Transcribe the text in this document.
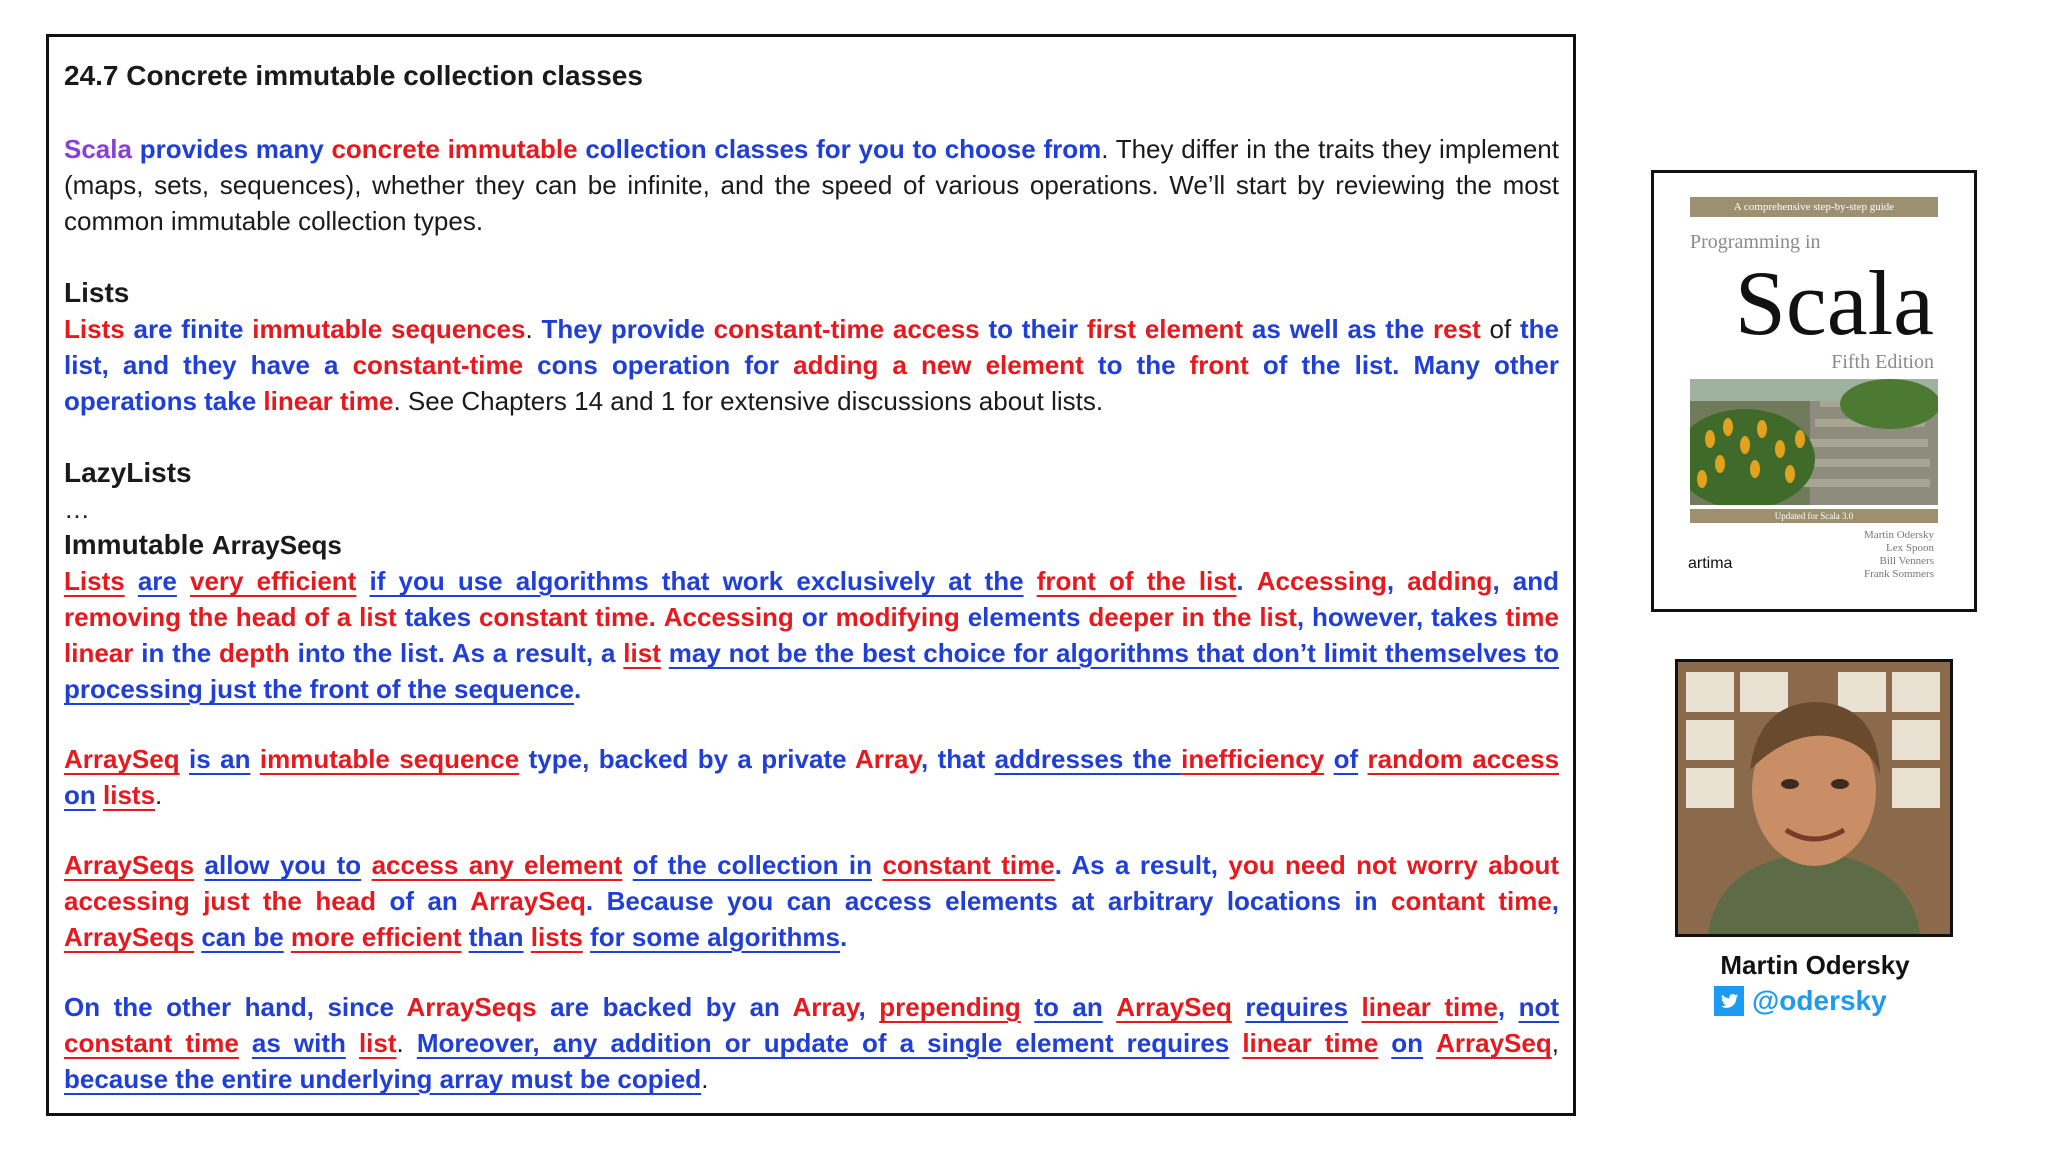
24.7 Concrete immutable collection classes

Scala provides many concrete immutable collection classes for you to choose from. They differ in the traits they implement (maps, sets, sequences), whether they can be infinite, and the speed of various operations. We’ll start by reviewing the most common immutable collection types.

Lists

Lists are finite immutable sequences. They provide constant-time access to their first element as well as the rest of the list, and they have a constant-time cons operation for adding a new element to the front of the list. Many other operations take linear time. See Chapters 14 and 1 for extensive discussions about lists.

LazyLists
…
Immutable ArraySeqs

Lists are very efficient if you use algorithms that work exclusively at the front of the list. Accessing, adding, and removing the head of a list takes constant time. Accessing or modifying elements deeper in the list, however, takes time linear in the depth into the list. As a result, a list may not be the best choice for algorithms that don’t limit themselves to processing just the front of the sequence.

ArraySeq is an immutable sequence type, backed by a private Array, that addresses the inefficiency of random access on lists.

ArraySeqs allow you to access any element of the collection in constant time. As a result, you need not worry about accessing just the head of an ArraySeq. Because you can access elements at arbitrary locations in contant time, ArraySeqs can be more efficient than lists for some algorithms.

On the other hand, since ArraySeqs are backed by an Array, prepending to an ArraySeq requires linear time, not constant time as with list. Moreover, any addition or update of a single element requires linear time on ArraySeq, because the entire underlying array must be copied.

A comprehensive step-by-step guide
Programming in
Scala
Fifth Edition
Updated for Scala 3.0
artima
Martin Odersky
Lex Spoon
Bill Venners
Frank Sommers
Martin Odersky
@odersky
